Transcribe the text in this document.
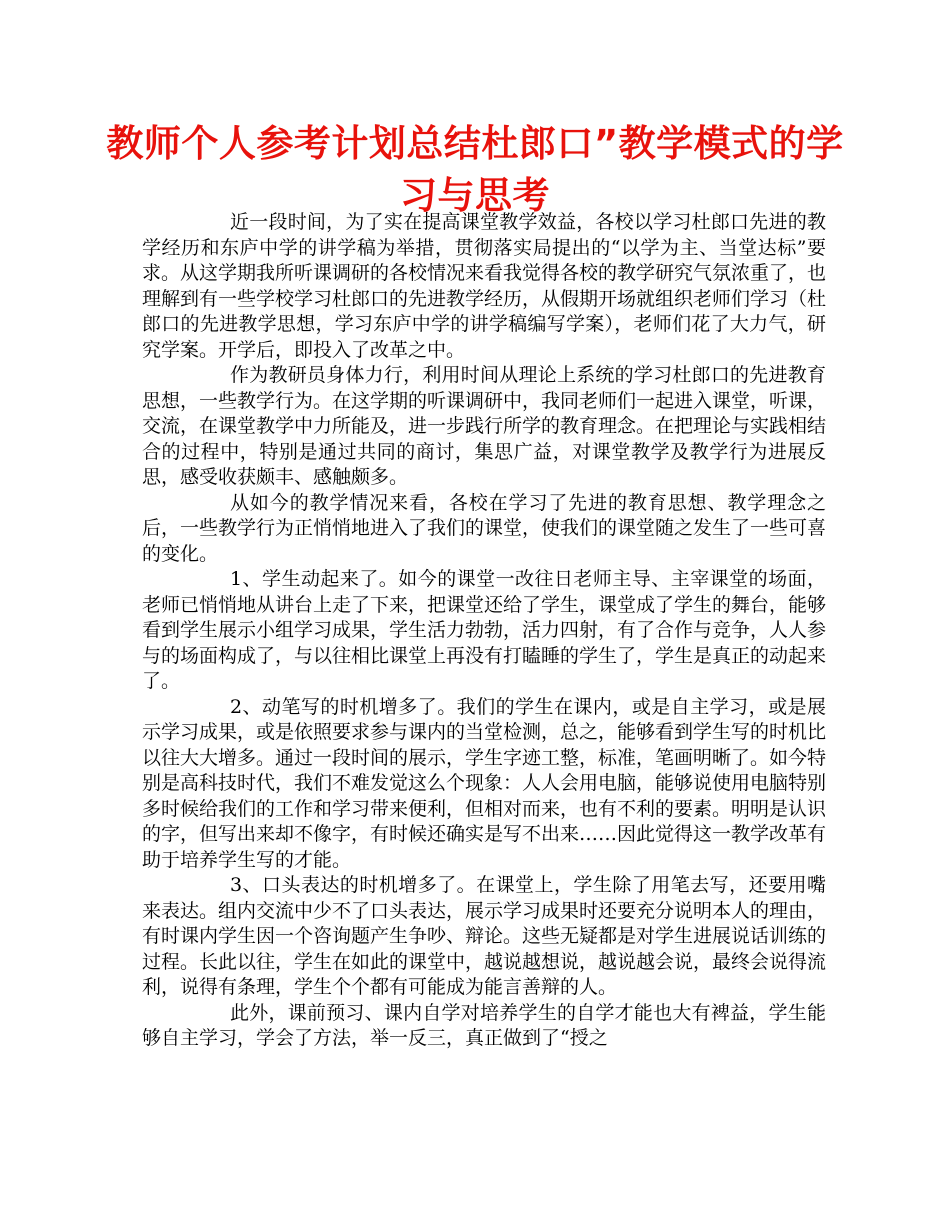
教师个人参考计划总结杜郎口”教学模式的学习与思考

近一段时间，为了实在提高课堂教学效益，各校以学习杜郎口先进的教学经历和东庐中学的讲学稿为举措，贯彻落实局提出的“以学为主、当堂达标”要求。从这学期我所听课调研的各校情况来看我觉得各校的教学研究气氛浓重了，也理解到有一些学校学习杜郎口的先进教学经历，从假期开场就组织老师们学习（杜郎口的先进教学思想，学习东庐中学的讲学稿编写学案），老师们花了大力气，研究学案。开学后，即投入了改革之中。

作为教研员身体力行，利用时间从理论上系统的学习杜郎口的先进教育思想，一些教学行为。在这学期的听课调研中，我同老师们一起进入课堂，听课，交流，在课堂教学中力所能及，进一步践行所学的教育理念。在把理论与实践相结合的过程中，特别是通过共同的商讨，集思广益，对课堂教学及教学行为进展反思，感受收获颇丰、感触颇多。

从如今的教学情况来看，各校在学习了先进的教育思想、教学理念之后，一些教学行为正悄悄地进入了我们的课堂，使我们的课堂随之发生了一些可喜的变化。

1、学生动起来了。如今的课堂一改往日老师主导、主宰课堂的场面，老师已悄悄地从讲台上走了下来，把课堂还给了学生，课堂成了学生的舞台，能够看到学生展示小组学习成果，学生活力勃勃，活力四射，有了合作与竞争，人人参与的场面构成了，与以往相比课堂上再没有打瞌睡的学生了，学生是真正的动起来了。

2、动笔写的时机增多了。我们的学生在课内，或是自主学习，或是展示学习成果，或是依照要求参与课内的当堂检测，总之，能够看到学生写的时机比以往大大增多。通过一段时间的展示，学生字迹工整，标准，笔画明晰了。如今特别是高科技时代，我们不难发觉这么个现象：人人会用电脑，能够说使用电脑特别多时候给我们的工作和学习带来便利，但相对而来，也有不利的要素。明明是认识的字，但写出来却不像字，有时候还确实是写不出来……因此觉得这一教学改革有助于培养学生写的才能。

3、口头表达的时机增多了。在课堂上，学生除了用笔去写，还要用嘴来表达。组内交流中少不了口头表达，展示学习成果时还要充分说明本人的理由，有时课内学生因一个咨询题产生争吵、辩论。这些无疑都是对学生进展说话训练的过程。长此以往，学生在如此的课堂中，越说越想说，越说越会说，最终会说得流利，说得有条理，学生个个都有可能成为能言善辩的人。

此外，课前预习、课内自学对培养学生的自学才能也大有裨益，学生能够自主学习，学会了方法，举一反三，真正做到了“授之
